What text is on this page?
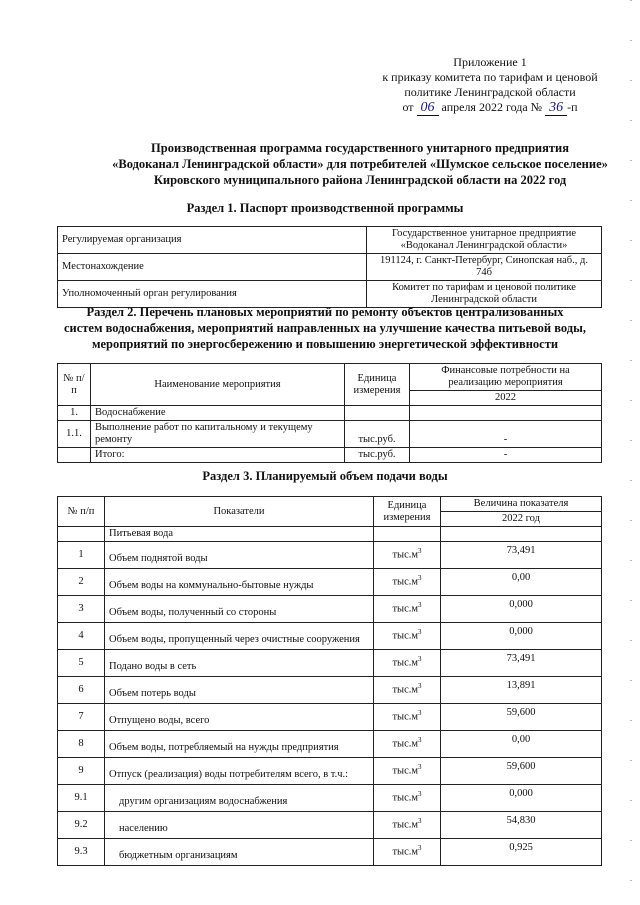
Приложение 1
к приказу комитета по тарифам и ценовой
политике Ленинградской области
от 06 апреля 2022 года № 36 -п
Производственная программа государственного унитарного предприятия
«Водоканал Ленинградской области» для потребителей «Шумское сельское поселение»
Кировского муниципального района Ленинградской области на 2022 год
Раздел 1. Паспорт производственной программы
Регулируемая организация	Государственное унитарное предприятие «Водоканал Ленинградской области»
Местонахождение	191124, г. Санкт-Петербург, Синопская наб., д. 74б
Уполномоченный орган регулирования	Комитет по тарифам и ценовой политике Ленинградской области
Раздел 2. Перечень плановых мероприятий по ремонту объектов централизованных
систем водоснабжения, мероприятий направленных на улучшение качества питьевой воды,
мероприятий по энергосбережению и повышению энергетической эффективности
№ п/п	Наименование мероприятия	Единица измерения	Финансовые потребности на реализацию мероприятия
			2022
1.	Водоснабжение		
1.1.	Выполнение работ по капитальному и текущему ремонту	тыс.руб.	-
	Итого:	тыс.руб.	-
Раздел 3. Планируемый объем подачи воды
№ п/п	Показатели	Единица измерения	Величина показателя
			2022 год
	Питьевая вода		
1	Объем поднятой воды	$тыс.м^3$	73,491
2	Объем воды на коммунально-бытовые нужды	$тыс.м^3$	0,00
3	Объем воды, полученный со стороны	$тыс.м^3$	0,000
4	Объем воды, пропущенный через очистные сооружения	$тыс.м^3$	0,000
5	Подано воды в сеть	$тыс.м^3$	73,491
6	Объем потерь воды	$тыс.м^3$	13,891
7	Отпущено воды, всего	$тыс.м^3$	59,600
8	Объем воды, потребляемый на нужды предприятия	$тыс.м^3$	0,00
9	Отпуск (реализация) воды потребителям всего, в т.ч.:	$тыс.м^3$	59,600
9.1	другим организациям водоснабжения	$тыс.м^3$	0,000
9.2	населению	$тыс.м^3$	54,830
9.3	бюджетным организациям	$тыс.м^3$	0,925
